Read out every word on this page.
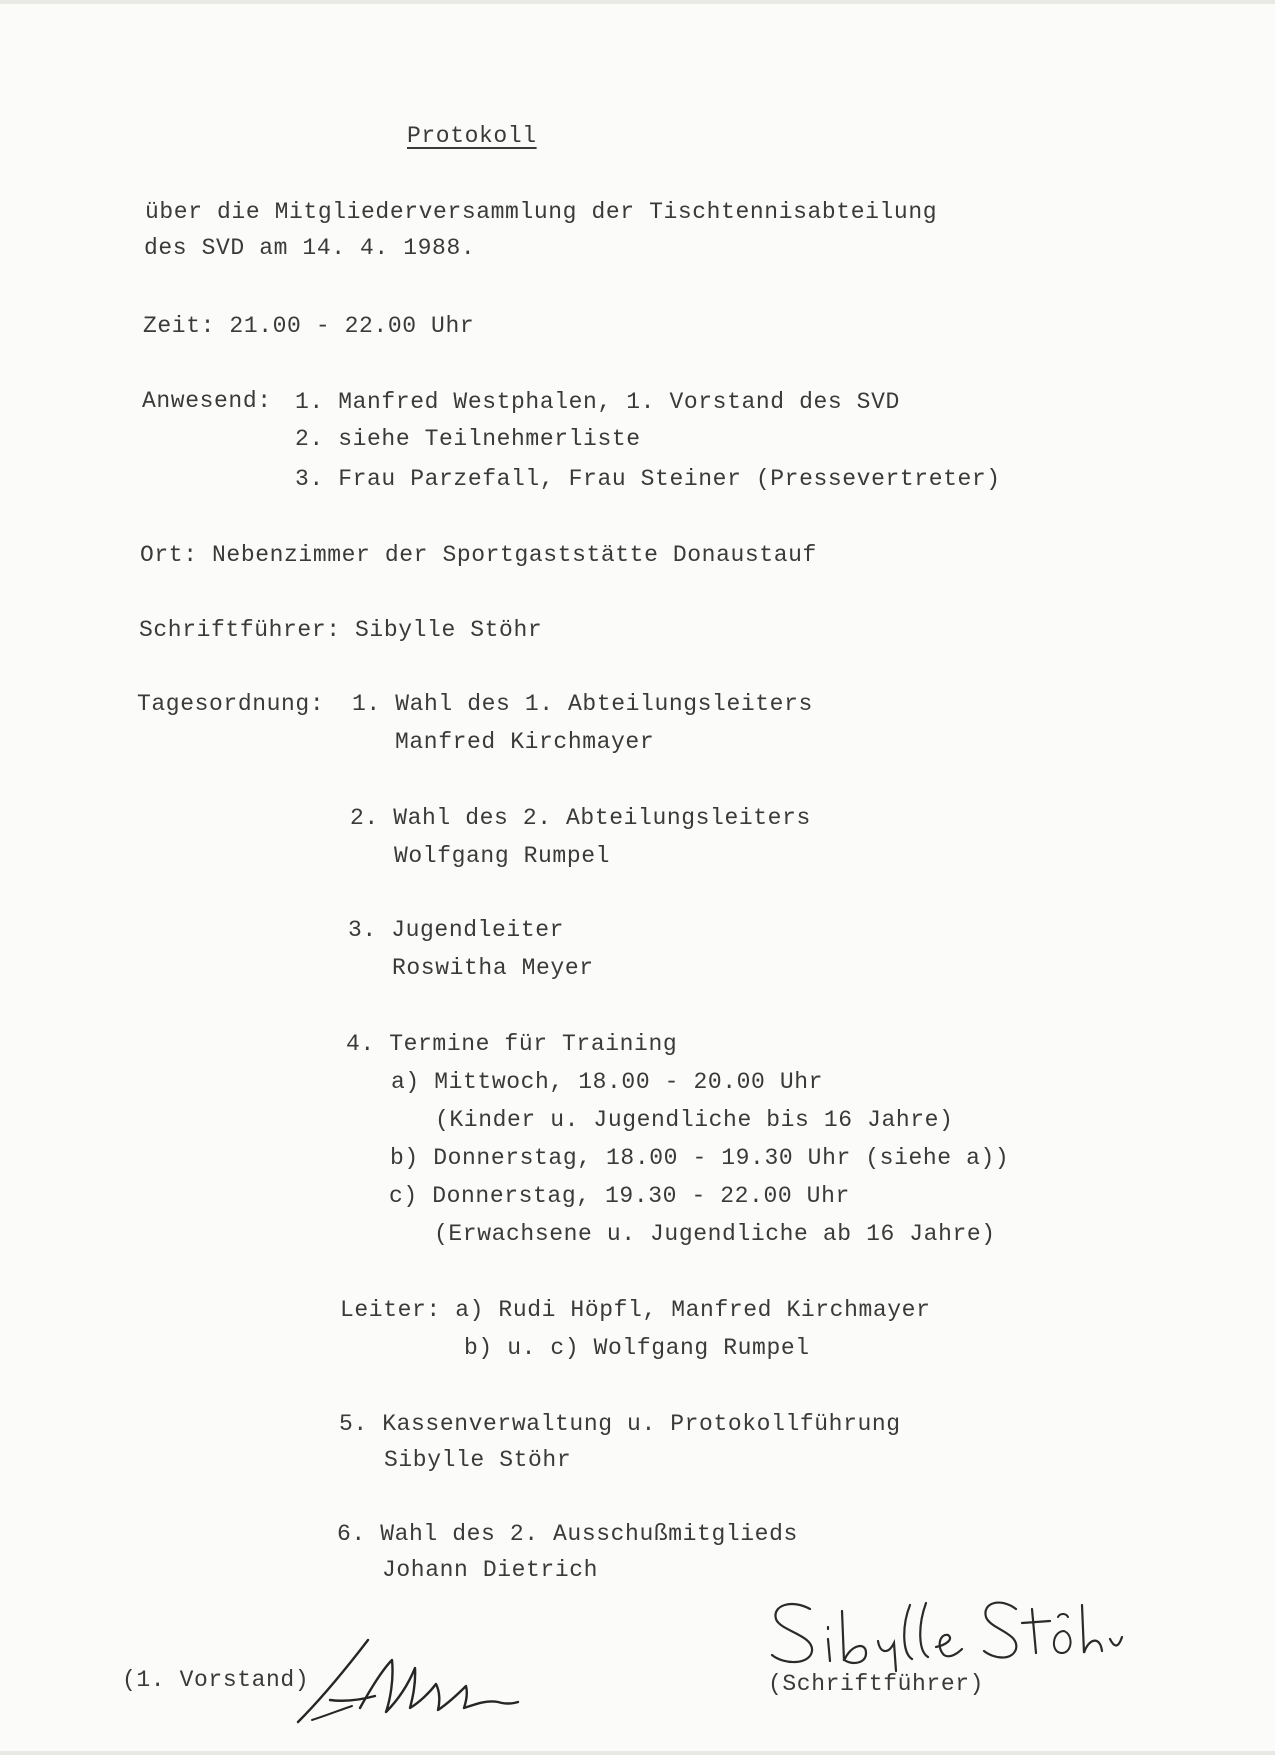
Protokoll
über die Mitgliederversammlung der Tischtennisabteilung
des SVD am 14. 4. 1988.
Zeit: 21.00 - 22.00 Uhr
Anwesend: 1. Manfred Westphalen, 1. Vorstand des SVD
2. siehe Teilnehmerliste
3. Frau Parzefall, Frau Steiner (Pressevertreter)
Ort: Nebenzimmer der Sportgaststätte Donaustauf
Schriftführer: Sibylle Stöhr
Tagesordnung: 1. Wahl des 1. Abteilungsleiters
Manfred Kirchmayer
2. Wahl des 2. Abteilungsleiters
Wolfgang Rumpel
3. Jugendleiter
Roswitha Meyer
4. Termine für Training
a) Mittwoch, 18.00 - 20.00 Uhr
(Kinder u. Jugendliche bis 16 Jahre)
b) Donnerstag, 18.00 - 19.30 Uhr (siehe a))
c) Donnerstag, 19.30 - 22.00 Uhr
(Erwachsene u. Jugendliche ab 16 Jahre)
Leiter: a) Rudi Höpfl, Manfred Kirchmayer
b) u. c) Wolfgang Rumpel
5. Kassenverwaltung u. Protokollführung
Sibylle Stöhr
6. Wahl des 2. Ausschußmitglieds
Johann Dietrich
(1. Vorstand)	(Schriftführer)
